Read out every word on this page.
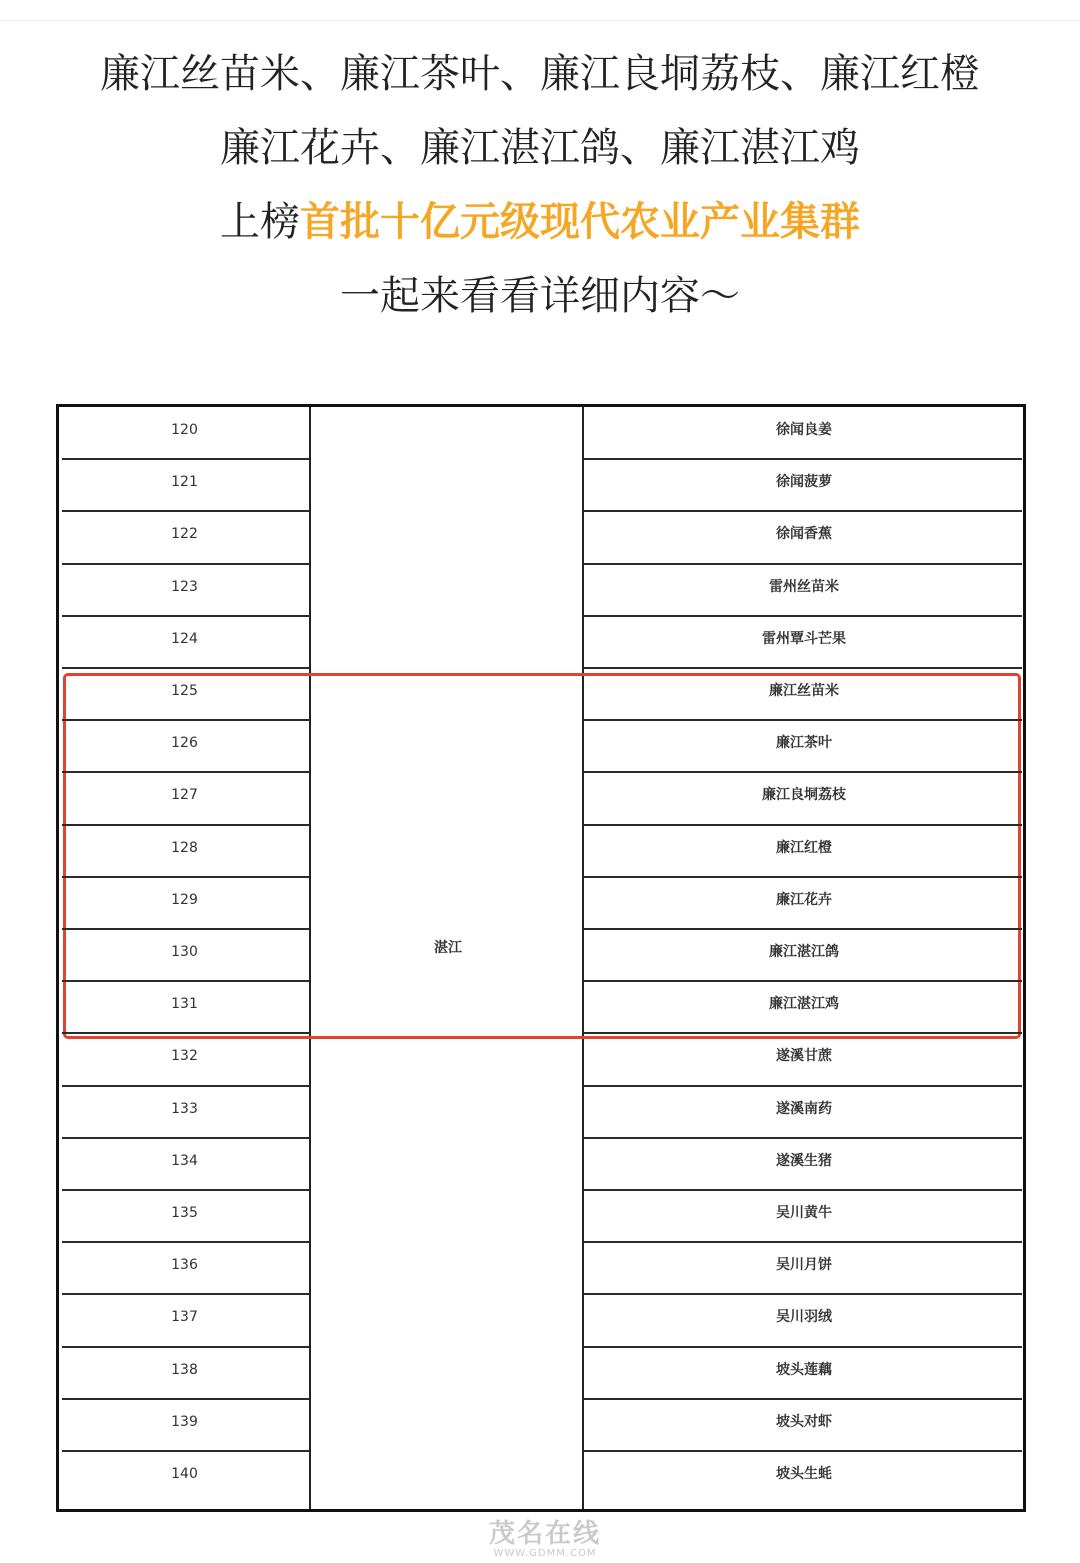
廉江丝苗米、廉江茶叶、廉江良垌荔枝、廉江红橙
廉江花卉、廉江湛江鸽、廉江湛江鸡
上榜首批十亿元级现代农业产业集群
一起来看看详细内容～
湛江
120	徐闻良姜
121	徐闻菠萝
122	徐闻香蕉
123	雷州丝苗米
124	雷州覃斗芒果
125	廉江丝苗米
126	廉江茶叶
127	廉江良垌荔枝
128	廉江红橙
129	廉江花卉
130	廉江湛江鸽
131	廉江湛江鸡
132	遂溪甘蔗
133	遂溪南药
134	遂溪生猪
135	吴川黄牛
136	吴川月饼
137	吴川羽绒
138	坡头莲藕
139	坡头对虾
140	坡头生蚝
茂名在线
WWW.GDMM.COM
